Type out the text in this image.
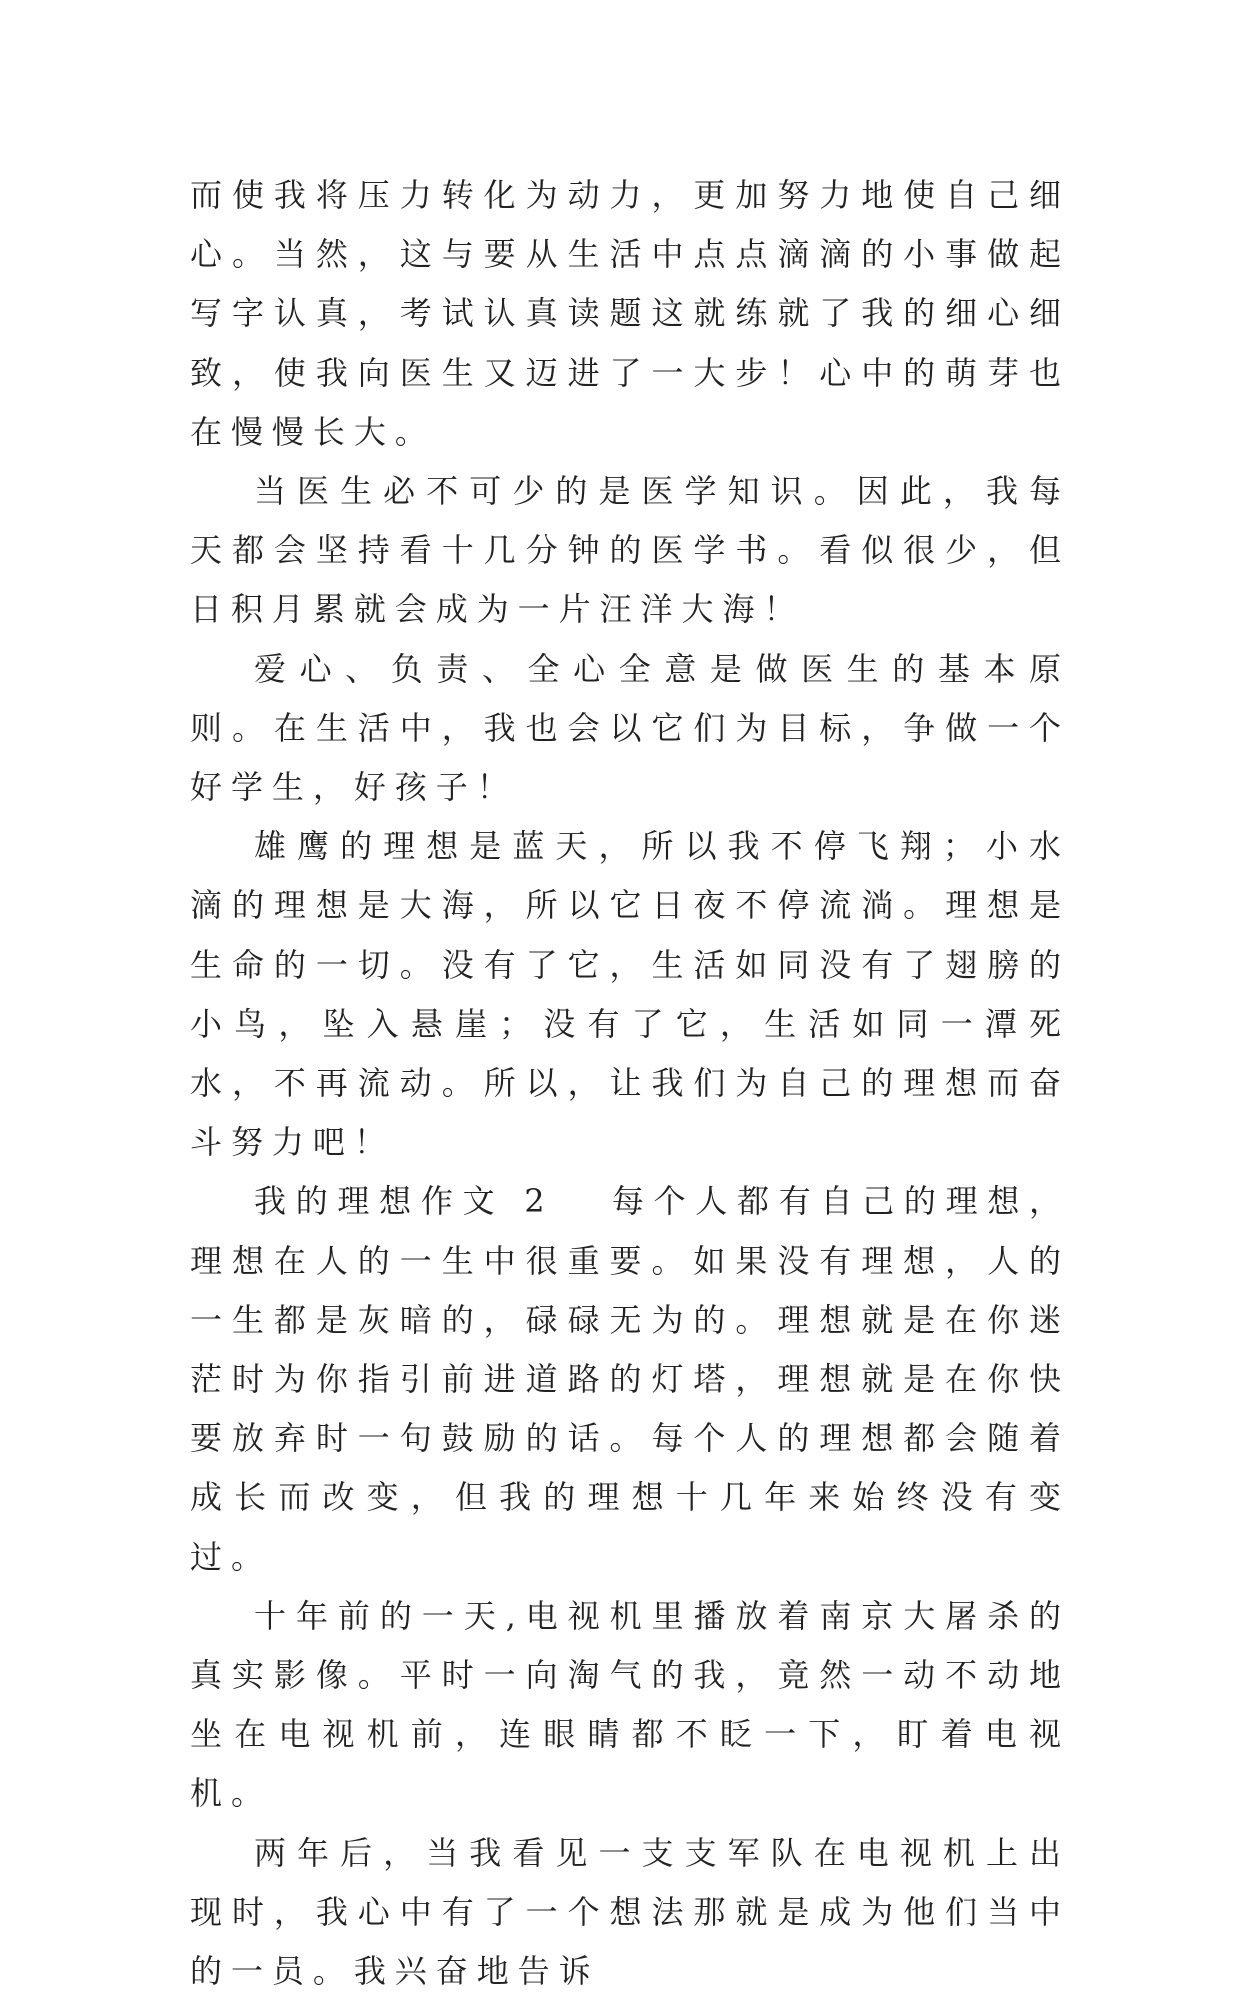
而使我将压力转化为动力，更加努力地使自己细心。当然，这与要从生活中点点滴滴的小事做起写字认真，考试认真读题这就练就了我的细心细致，使我向医生又迈进了一大步！心中的萌芽也在慢慢长大。

当医生必不可少的是医学知识。因此，我每天都会坚持看十几分钟的医学书。看似很少，但日积月累就会成为一片汪洋大海！

爱心、负责、全心全意是做医生的基本原则。在生活中，我也会以它们为目标，争做一个好学生，好孩子！

雄鹰的理想是蓝天，所以我不停飞翔；小水滴的理想是大海，所以它日夜不停流淌。理想是生命的一切。没有了它，生活如同没有了翅膀的小鸟，坠入悬崖；没有了它，生活如同一潭死水，不再流动。所以，让我们为自己的理想而奋斗努力吧！

我的理想作文 2 每个人都有自己的理想，理想在人的一生中很重要。如果没有理想，人的一生都是灰暗的，碌碌无为的。理想就是在你迷茫时为你指引前进道路的灯塔，理想就是在你快要放弃时一句鼓励的话。每个人的理想都会随着成长而改变，但我的理想十几年来始终没有变过。

十年前的一天,电视机里播放着南京大屠杀的真实影像。平时一向淘气的我，竟然一动不动地坐在电视机前，连眼睛都不眨一下，盯着电视机。

两年后，当我看见一支支军队在电视机上出现时，我心中有了一个想法那就是成为他们当中的一员。我兴奋地告诉
